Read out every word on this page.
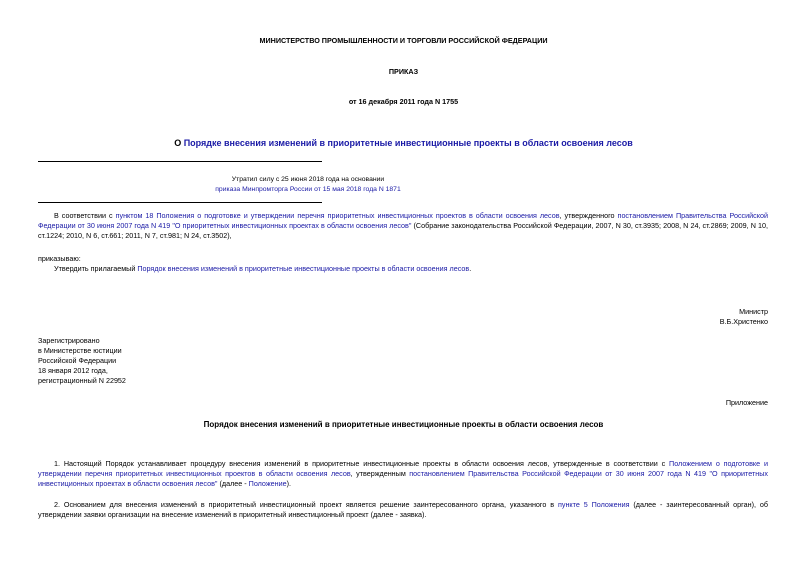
МИНИСТЕРСТВО ПРОМЫШЛЕННОСТИ И ТОРГОВЛИ РОССИЙСКОЙ ФЕДЕРАЦИИ
ПРИКАЗ
от 16 декабря 2011 года N 1755
О Порядке внесения изменений в приоритетные инвестиционные проекты в области освоения лесов
Утратил силу с 25 июня 2018 года на основании
приказа Минпромторга России от 15 мая 2018 года N 1871
В соответствии с пунктом 18 Положения о подготовке и утверждении перечня приоритетных инвестиционных проектов в области освоения лесов, утвержденного постановлением Правительства Российской Федерации от 30 июня 2007 года N 419 "О приоритетных инвестиционных проектах в области освоения лесов" (Собрание законодательства Российской Федерации, 2007, N 30, ст.3935; 2008, N 24, ст.2869; 2009, N 10, ст.1224; 2010, N 6, ст.661; 2011, N 7, ст.981; N 24, ст.3502),
приказываю:
Утвердить прилагаемый Порядок внесения изменений в приоритетные инвестиционные проекты в области освоения лесов.
Министр
В.Б.Христенко
Зарегистрировано
в Министерстве юстиции
Российской Федерации
18 января 2012 года,
регистрационный N 22952
Приложение
Порядок внесения изменений в приоритетные инвестиционные проекты в области освоения лесов
1. Настоящий Порядок устанавливает процедуру внесения изменений в приоритетные инвестиционные проекты в области освоения лесов, утвержденные в соответствии с Положением о подготовке и утверждении перечня приоритетных инвестиционных проектов в области освоения лесов, утвержденным постановлением Правительства Российской Федерации от 30 июня 2007 года N 419 "О приоритетных инвестиционных проектах в области освоения лесов" (далее - Положение).
2. Основанием для внесения изменений в приоритетный инвестиционный проект является решение заинтересованного органа, указанного в пункте 5 Положения (далее - заинтересованный орган), об утверждении заявки организации на внесение изменений в приоритетный инвестиционный проект (далее - заявка).
